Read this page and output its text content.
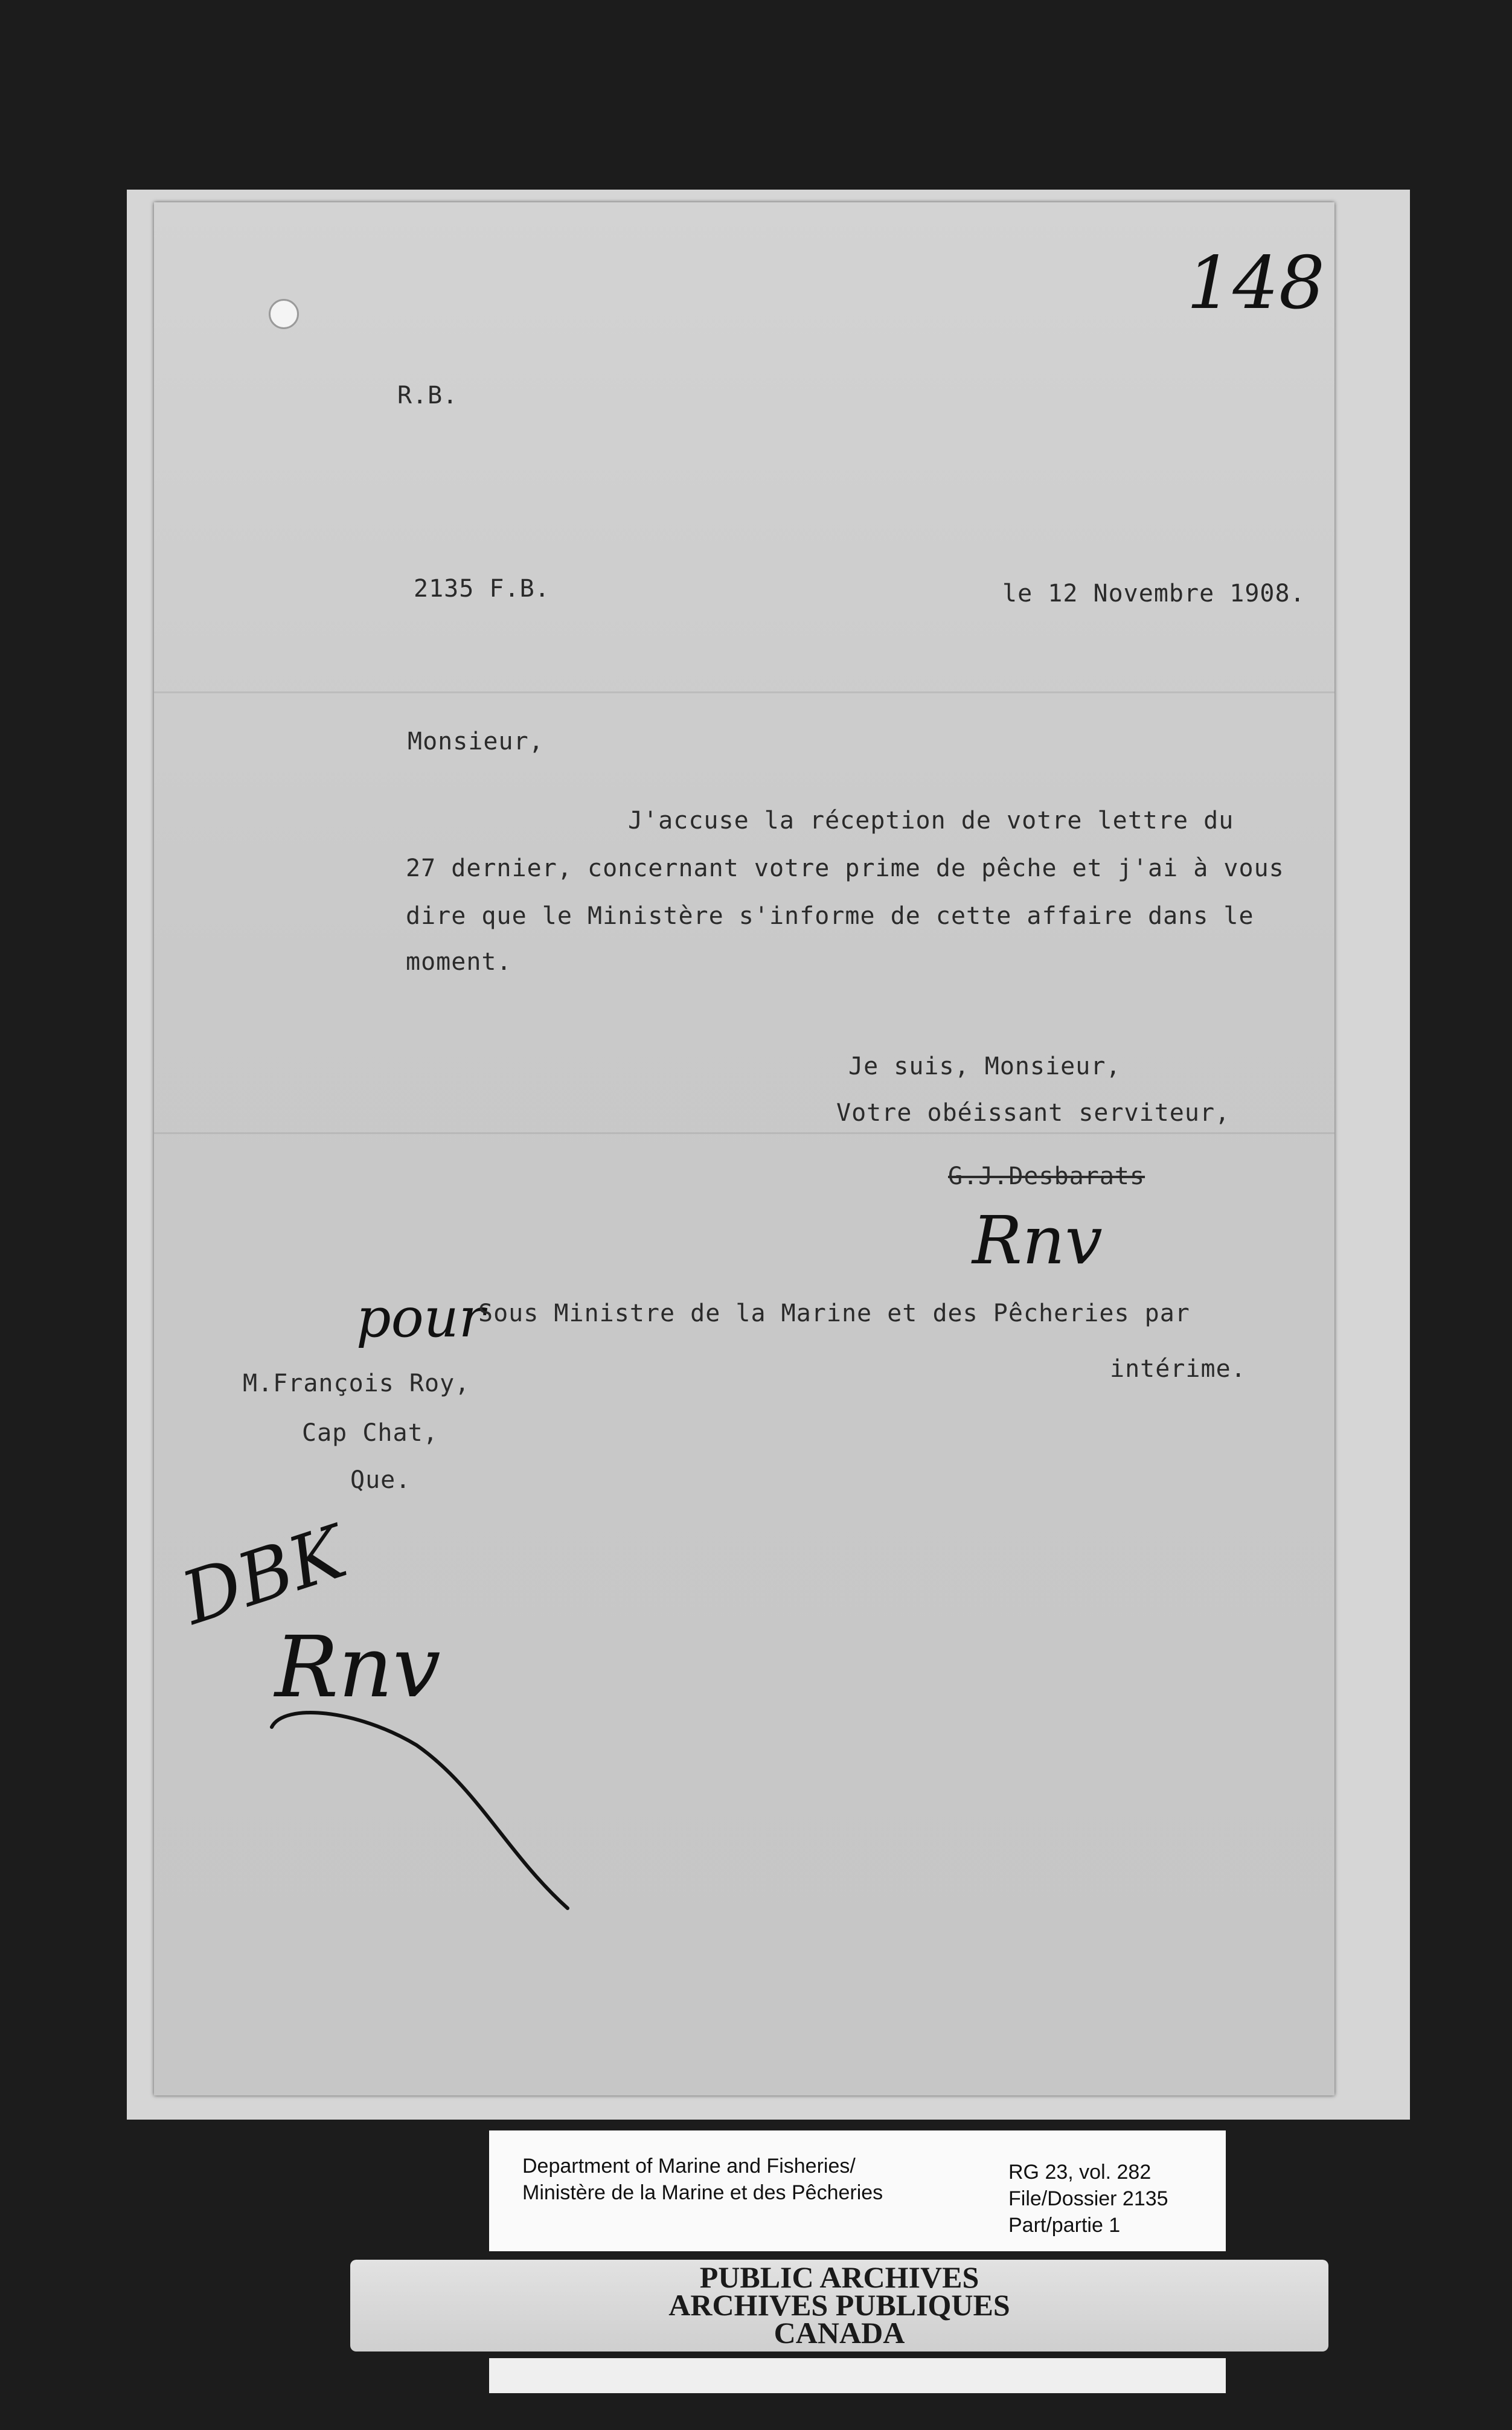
148
R.B.
2135 F.B.	le 12 Novembre 1908.
Monsieur,
J'accuse la réception de votre lettre du
27 dernier, concernant votre prime de pêche et j'ai à vous
dire que le Ministère s'informe de cette affaire dans le
moment.
Je suis, Monsieur,
Votre obéissant serviteur,
G.J.Desbarats
Rnv
pour
Sous Ministre de la Marine et des Pêcheries par
intérime.
M.François Roy,
Cap Chat,
Que.
DBK
Rnv
Department of Marine and Fisheries/
Ministère de la Marine et des Pêcheries
RG 23, vol. 282
File/Dossier 2135
Part/partie 1
PUBLIC ARCHIVES
ARCHIVES PUBLIQUES
CANADA
